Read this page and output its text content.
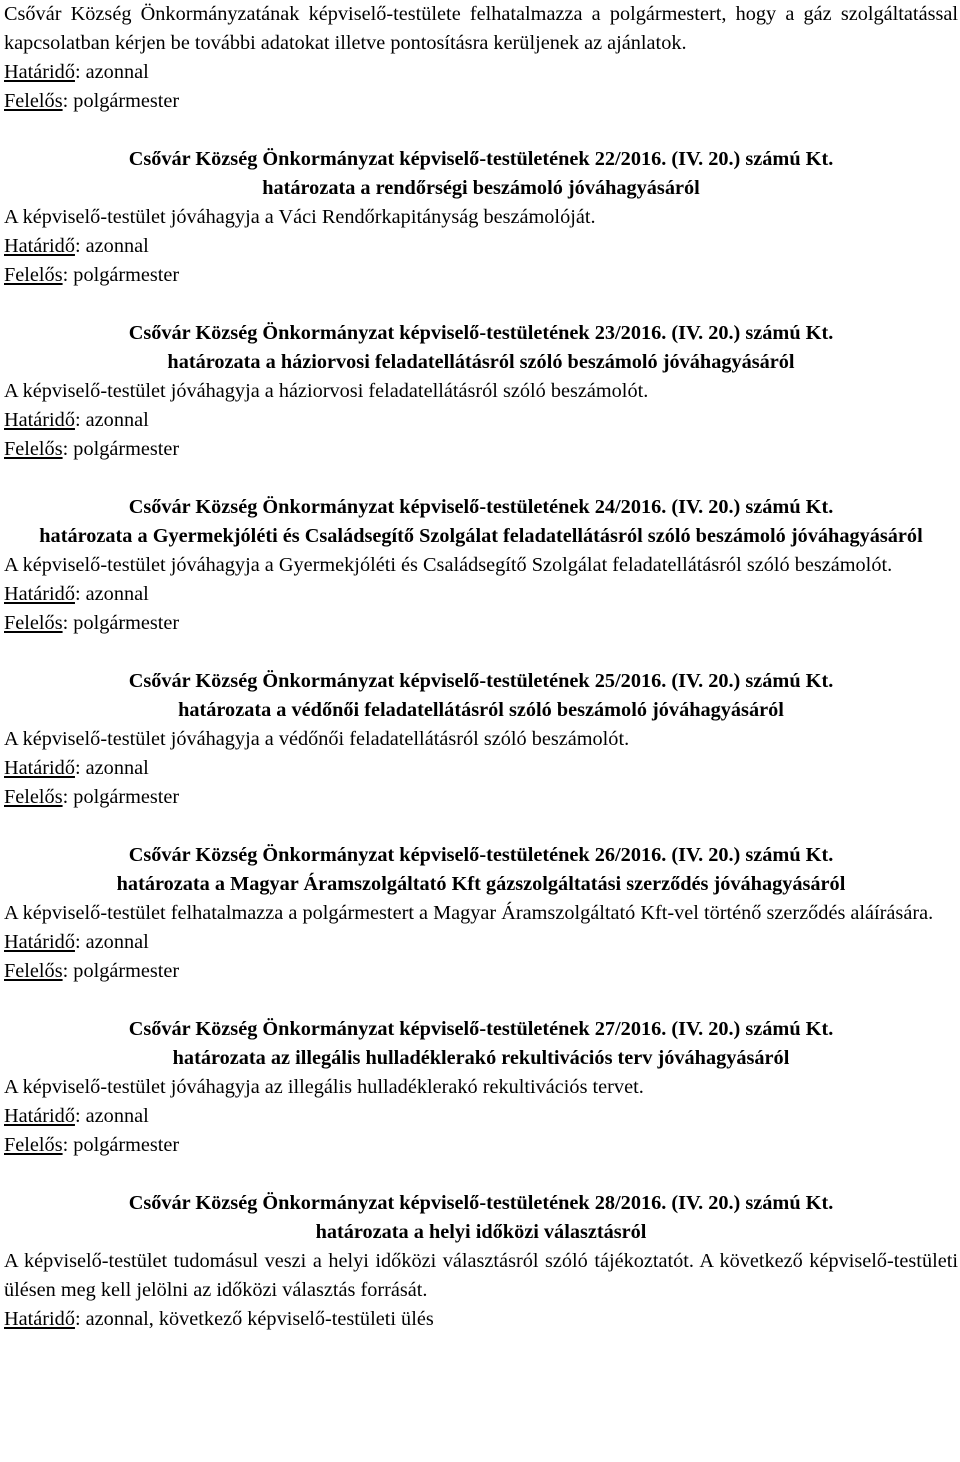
Csővár Község Önkormányzatának képviselő-testülete felhatalmazza a polgármestert, hogy a gáz szolgáltatással kapcsolatban kérjen be további adatokat illetve pontosításra kerüljenek az ajánlatok.

Határidő: azonnal

Felelős: polgármester

Csővár Község Önkormányzat képviselő-testületének 22/2016. (IV. 20.) számú Kt.

határozata a rendőrségi beszámoló jóváhagyásáról

A képviselő-testület jóváhagyja a Váci Rendőrkapitányság beszámolóját.

Határidő: azonnal

Felelős: polgármester

Csővár Község Önkormányzat képviselő-testületének 23/2016. (IV. 20.) számú Kt.

határozata a háziorvosi feladatellátásról szóló beszámoló jóváhagyásáról

A képviselő-testület jóváhagyja a háziorvosi feladatellátásról szóló beszámolót.

Határidő: azonnal

Felelős: polgármester

Csővár Község Önkormányzat képviselő-testületének 24/2016. (IV. 20.) számú Kt.

határozata a Gyermekjóléti és Családsegítő Szolgálat feladatellátásról szóló beszámoló jóváhagyásáról

A képviselő-testület jóváhagyja a Gyermekjóléti és Családsegítő Szolgálat feladatellátásról szóló beszámolót.

Határidő: azonnal

Felelős: polgármester

Csővár Község Önkormányzat képviselő-testületének 25/2016. (IV. 20.) számú Kt.

határozata a védőnői feladatellátásról szóló beszámoló jóváhagyásáról

A képviselő-testület jóváhagyja a védőnői feladatellátásról szóló beszámolót.

Határidő: azonnal

Felelős: polgármester

Csővár Község Önkormányzat képviselő-testületének 26/2016. (IV. 20.) számú Kt.

határozata a Magyar Áramszolgáltató Kft gázszolgáltatási szerződés jóváhagyásáról

A képviselő-testület felhatalmazza a polgármestert a Magyar Áramszolgáltató Kft-vel történő szerződés aláírására.

Határidő: azonnal

Felelős: polgármester

Csővár Község Önkormányzat képviselő-testületének 27/2016. (IV. 20.) számú Kt.

határozata az illegális hulladéklerakó rekultivációs terv jóváhagyásáról

A képviselő-testület jóváhagyja az illegális hulladéklerakó rekultivációs tervet.

Határidő: azonnal

Felelős: polgármester

Csővár Község Önkormányzat képviselő-testületének 28/2016. (IV. 20.) számú Kt.

határozata a helyi időközi választásról

A képviselő-testület tudomásul veszi a helyi időközi választásról szóló tájékoztatót. A következő képviselő-testületi ülésen meg kell jelölni az időközi választás forrását.

Határidő: azonnal, következő képviselő-testületi ülés
